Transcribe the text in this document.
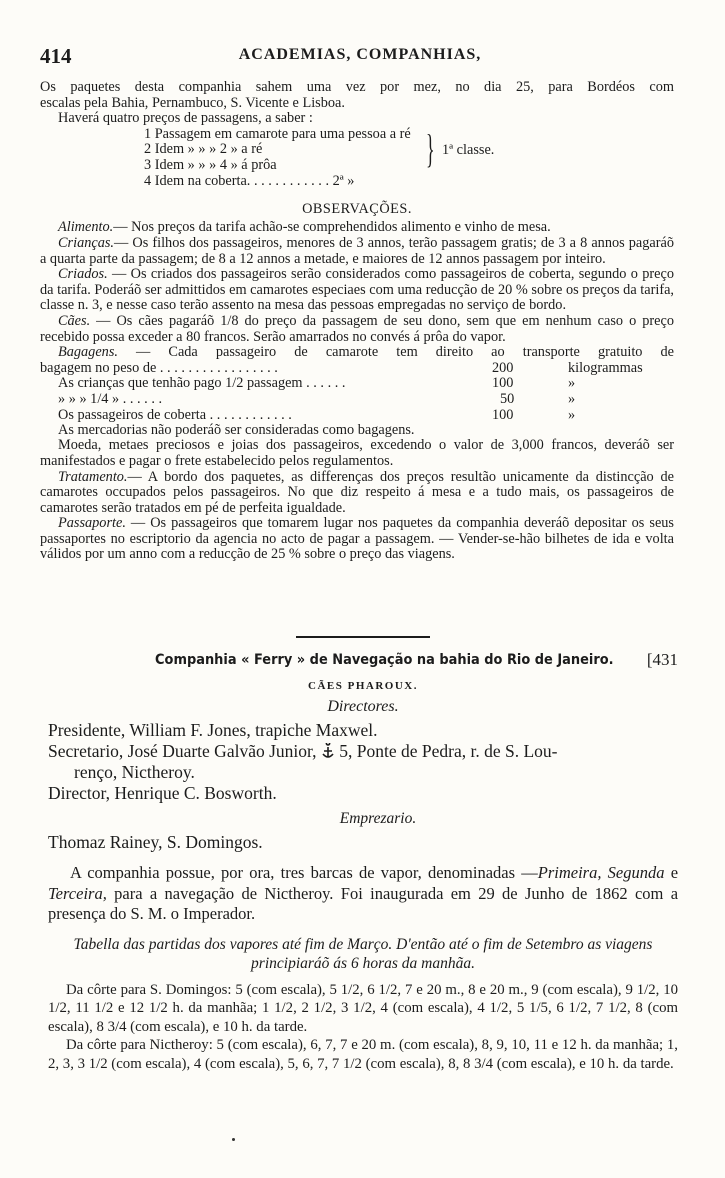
414	ACADEMIAS, COMPANHIAS,

Os paquetes desta companhia sahem uma vez por mez, no dia 25, para Bordéos com

escalas pela Bahia, Pernambuco, S. Vicente e Lisboa.

Haverá quatro preços de passagens, a saber :

1 Passagem em camarote para uma pessoa a ré
2 Idem » » » 2 » a ré
3 Idem » » » 4 » á prôa
4 Idem na coberta. . . . . . . . . . . . 2ª »
} 1ª classe.
OBSERVAÇÕES.

Alimento.— Nos preços da tarifa achão-se comprehendidos alimento e vinho de mesa.

Crianças.— Os filhos dos passageiros, menores de 3 annos, terão passagem gratis; de 3 a 8 annos pagaráõ a quarta parte da passagem; de 8 a 12 annos a metade, e maiores de 12 annos passagem por inteiro.

Criados. — Os criados dos passageiros serão considerados como passageiros de coberta, segundo o preço da tarifa. Poderáõ ser admittidos em camarotes especiaes com uma reducção de 20 % sobre os preços da tarifa, classe n. 3, e nesse caso terão assento na mesa das pessoas empregadas no serviço de bordo.

Cães. — Os cães pagaráõ 1/8 do preço da passagem de seu dono, sem que em nenhum caso o preço recebido possa exceder a 80 francos. Serão amarrados no convés á prôa do vapor.

Bagagens. — Cada passageiro de camarote tem direito ao transporte gratuito de

bagagem no peso de . . . . . . . . . . . . . . . . .	200	kilogrammas
As crianças que tenhão pago 1/2 passagem . . . . . .	100	»
» » » 1/4 » . . . . . .	50	»
Os passageiros de coberta . . . . . . . . . . . .	100	»

As mercadorias não poderáõ ser consideradas como bagagens.

Moeda, metaes preciosos e joias dos passageiros, excedendo o valor de 3,000 francos, deveráõ ser manifestados e pagar o frete estabelecido pelos regulamentos.

Tratamento.— A bordo dos paquetes, as differenças dos preços resultão unicamente da distincção de camarotes occupados pelos passageiros. No que diz respeito á mesa e a tudo mais, os passageiros de camarotes serão tratados em pé de perfeita igualdade.

Passaporte. — Os passageiros que tomarem lugar nos paquetes da companhia deveráõ depositar os seus passaportes no escriptorio da agencia no acto de pagar a passagem. — Vender-se-hão bilhetes de ida e volta válidos por um anno com a reducção de 25 % sobre o preço das viagens.

Companhia « Ferry » de Navegação na bahia do Rio de Janeiro.	[431
CÃES PHAROUX.
Directores.

Presidente, William F. Jones, trapiche Maxwel.

Secretario, José Duarte Galvão Junior, 5, Ponte de Pedra, r. de S. Lou-

renço, Nictheroy.

Director, Henrique C. Bosworth.

Emprezario.
Thomaz Rainey, S. Domingos.
A companhia possue, por ora, tres barcas de vapor, denominadas —Primeira, Segunda e Terceira, para a navegação de Nictheroy. Foi inaugurada em 29 de Junho de 1862 com a presença do S. M. o Imperador.
Tabella das partidas dos vapores até fim de Março. D'então até o fim de Setembro as viagens principiaráõ ás 6 horas da manhãa.

Da côrte para S. Domingos: 5 (com escala), 5 1/2, 6 1/2, 7 e 20 m., 8 e 20 m., 9 (com escala), 9 1/2, 10 1/2, 11 1/2 e 12 1/2 h. da manhãa; 1 1/2, 2 1/2, 3 1/2, 4 (com escala), 4 1/2, 5 1/5, 6 1/2, 7 1/2, 8 (com escala), 8 3/4 (com escala), e 10 h. da tarde.

Da côrte para Nictheroy: 5 (com escala), 6, 7, 7 e 20 m. (com escala), 8, 9, 10, 11 e 12 h. da manhãa; 1, 2, 3, 3 1/2 (com escala), 4 (com escala), 5, 6, 7, 7 1/2 (com escala), 8, 8 3/4 (com escala), e 10 h. da tarde.
